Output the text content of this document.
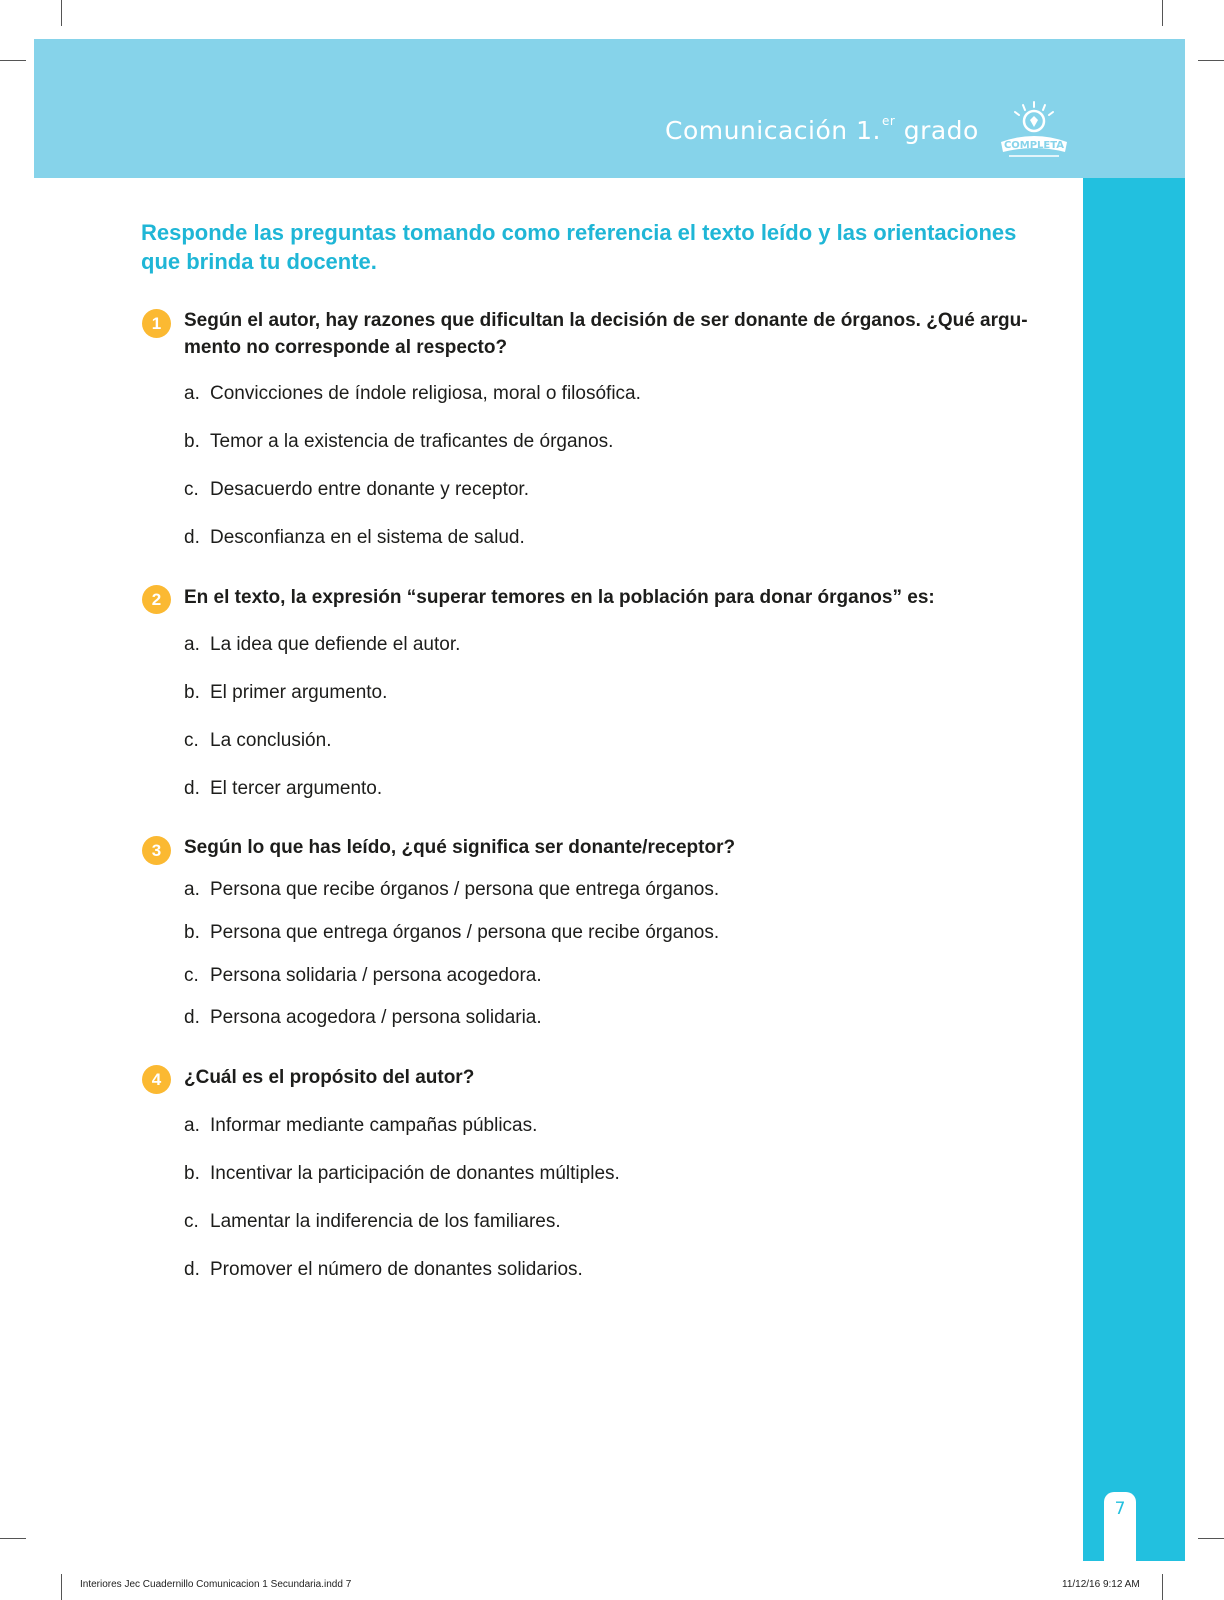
Comunicación 1.$^{er}$ grado
COMPLETA
7
Responde las preguntas tomando como referencia el texto leído y las orientaciones que brinda tu docente.
1	Según el autor, hay razones que dificultan la decisión de ser donante de órganos. ¿Qué argu- mento no corresponde al respecto?
a. Convicciones de índole religiosa, moral o filosófica.
b. Temor a la existencia de traficantes de órganos.
c. Desacuerdo entre donante y receptor.
d. Desconfianza en el sistema de salud.
2	En el texto, la expresión “superar temores en la población para donar órganos” es:
a. La idea que defiende el autor.
b. El primer argumento.
c. La conclusión.
d. El tercer argumento.
3	Según lo que has leído, ¿qué significa ser donante/receptor?
a. Persona que recibe órganos / persona que entrega órganos.
b. Persona que entrega órganos / persona que recibe órganos.
c. Persona solidaria / persona acogedora.
d. Persona acogedora / persona solidaria.
4	¿Cuál es el propósito del autor?
a. Informar mediante campañas públicas.
b. Incentivar la participación de donantes múltiples.
c. Lamentar la indiferencia de los familiares.
d. Promover el número de donantes solidarios.
Interiores Jec Cuadernillo Comunicacion 1 Secundaria.indd 7	11/12/16 9:12 AM
